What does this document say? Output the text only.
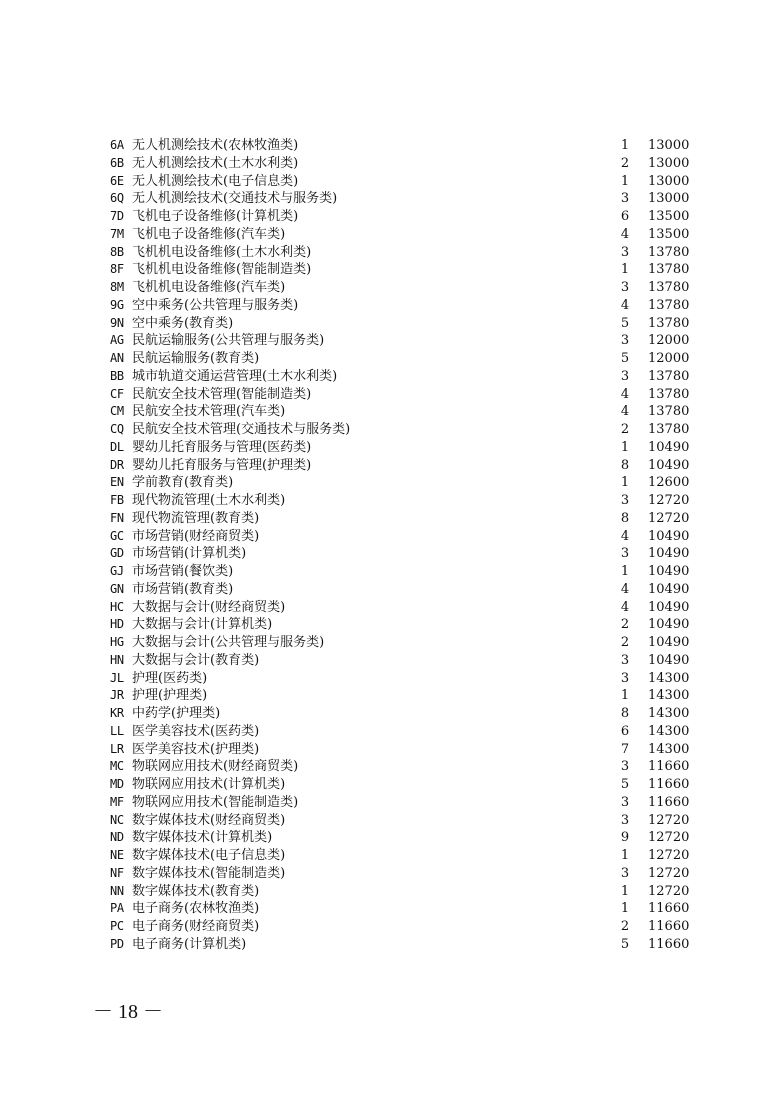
6A 无人机测绘技术(农林牧渔类)	1	13000
6B 无人机测绘技术(土木水利类)	2	13000
6E 无人机测绘技术(电子信息类)	1	13000
6Q 无人机测绘技术(交通技术与服务类)	3	13000
7D 飞机电子设备维修(计算机类)	6	13500
7M 飞机电子设备维修(汽车类)	4	13500
8B 飞机机电设备维修(土木水利类)	3	13780
8F 飞机机电设备维修(智能制造类)	1	13780
8M 飞机机电设备维修(汽车类)	3	13780
9G 空中乘务(公共管理与服务类)	4	13780
9N 空中乘务(教育类)	5	13780
AG 民航运输服务(公共管理与服务类)	3	12000
AN 民航运输服务(教育类)	5	12000
BB 城市轨道交通运营管理(土木水利类)	3	13780
CF 民航安全技术管理(智能制造类)	4	13780
CM 民航安全技术管理(汽车类)	4	13780
CQ 民航安全技术管理(交通技术与服务类)	2	13780
DL 婴幼儿托育服务与管理(医药类)	1	10490
DR 婴幼儿托育服务与管理(护理类)	8	10490
EN 学前教育(教育类)	1	12600
FB 现代物流管理(土木水利类)	3	12720
FN 现代物流管理(教育类)	8	12720
GC 市场营销(财经商贸类)	4	10490
GD 市场营销(计算机类)	3	10490
GJ 市场营销(餐饮类)	1	10490
GN 市场营销(教育类)	4	10490
HC 大数据与会计(财经商贸类)	4	10490
HD 大数据与会计(计算机类)	2	10490
HG 大数据与会计(公共管理与服务类)	2	10490
HN 大数据与会计(教育类)	3	10490
JL 护理(医药类)	3	14300
JR 护理(护理类)	1	14300
KR 中药学(护理类)	8	14300
LL 医学美容技术(医药类)	6	14300
LR 医学美容技术(护理类)	7	14300
MC 物联网应用技术(财经商贸类)	3	11660
MD 物联网应用技术(计算机类)	5	11660
MF 物联网应用技术(智能制造类)	3	11660
NC 数字媒体技术(财经商贸类)	3	12720
ND 数字媒体技术(计算机类)	9	12720
NE 数字媒体技术(电子信息类)	1	12720
NF 数字媒体技术(智能制造类)	3	12720
NN 数字媒体技术(教育类)	1	12720
PA 电子商务(农林牧渔类)	1	11660
PC 电子商务(财经商贸类)	2	11660
PD 电子商务(计算机类)	5	11660
－ 18 －
